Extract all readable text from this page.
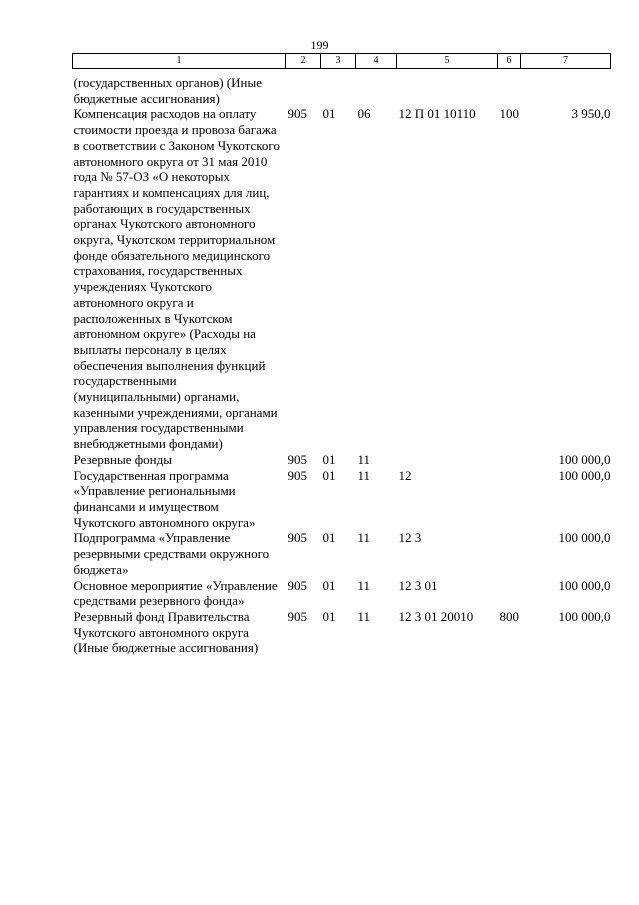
199
1	2	3	4	5	6	7
(государственных органов) (Иные бюджетные ассигнования)						
Компенсация расходов на оплату стоимости проезда и провоза багажа в соответствии с Законом Чукотского автономного округа от 31 мая 2010 года № 57-ОЗ «О некоторых гарантиях и компенсациях для лиц, работающих в государственных органах Чукотского автономного округа, Чукотском территориальном фонде обязательного медицинского страхования, государственных учреждениях Чукотского автономного округа и расположенных в Чукотском автономном округе» (Расходы на выплаты персоналу в целях обеспечения выполнения функций государственными (муниципальными) органами, казенными учреждениями, органами управления государственными внебюджетными фондами)	905	01	06	12 П 01 10110	100	3 950,0
Резервные фонды	905	01	11			100 000,0
Государственная программа «Управление региональными финансами и имуществом Чукотского автономного округа»	905	01	11	12		100 000,0
Подпрограмма «Управление резервными средствами окружного бюджета»	905	01	11	12 3		100 000,0
Основное мероприятие «Управление средствами резервного фонда»	905	01	11	12 3 01		100 000,0
Резервный фонд Правительства Чукотского автономного округа (Иные бюджетные ассигнования)	905	01	11	12 3 01 20010	800	100 000,0
